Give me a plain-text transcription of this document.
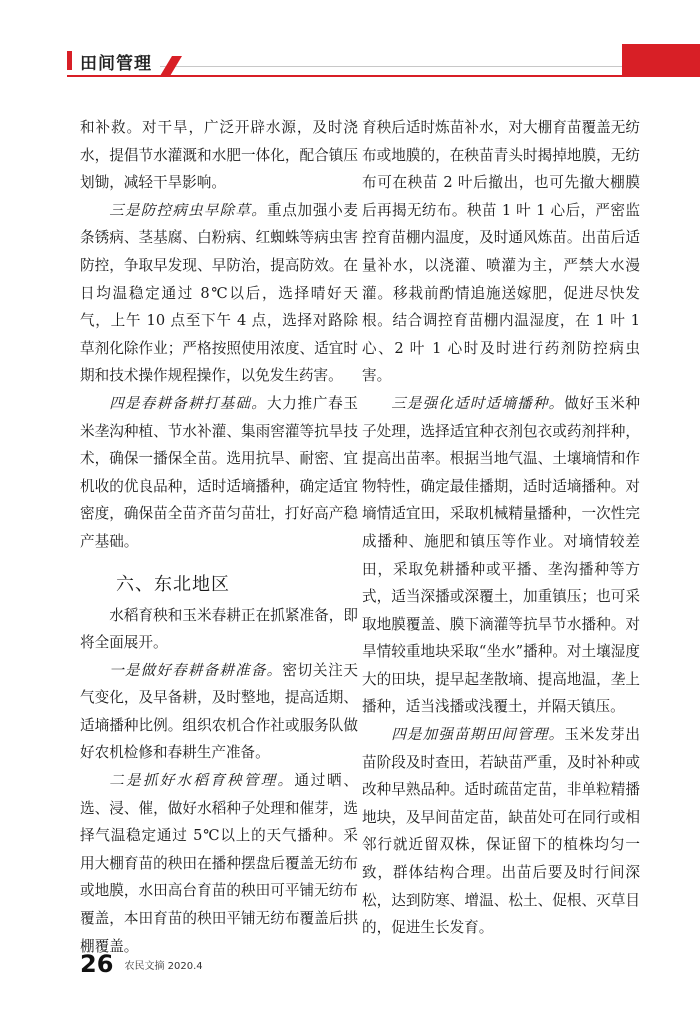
田间管理

和补救。对干旱，广泛开辟水源，及时浇水，提倡节水灌溉和水肥一体化，配合镇压划锄，减轻干旱影响。

三是防控病虫早除草。重点加强小麦条锈病、茎基腐、白粉病、红蜘蛛等病虫害防控，争取早发现、早防治，提高防效。在日均温稳定通过 8℃以后，选择晴好天气，上午 10 点至下午 4 点，选择对路除草剂化除作业；严格按照使用浓度、适宜时期和技术操作规程操作，以免发生药害。

四是春耕备耕打基础。大力推广春玉米垄沟种植、节水补灌、集雨窖灌等抗旱技术，确保一播保全苗。选用抗旱、耐密、宜机收的优良品种，适时适墒播种，确定适宜密度，确保苗全苗齐苗匀苗壮，打好高产稳产基础。

六、东北地区

水稻育秧和玉米春耕正在抓紧准备，即将全面展开。

一是做好春耕备耕准备。密切关注天气变化，及早备耕，及时整地，提高适期、适墒播种比例。组织农机合作社或服务队做好农机检修和春耕生产准备。

二是抓好水稻育秧管理。通过晒、选、浸、催，做好水稻种子处理和催芽，选择气温稳定通过 5℃以上的天气播种。采用大棚育苗的秧田在播种摆盘后覆盖无纺布或地膜，水田高台育苗的秧田可平铺无纺布覆盖，本田育苗的秧田平铺无纺布覆盖后拱棚覆盖。

育秧后适时炼苗补水，对大棚育苗覆盖无纺布或地膜的，在秧苗青头时揭掉地膜，无纺布可在秧苗 2 叶后撤出，也可先撤大棚膜后再揭无纺布。秧苗 1 叶 1 心后，严密监控育苗棚内温度，及时通风炼苗。出苗后适量补水，以浇灌、喷灌为主，严禁大水漫灌。移栽前酌情追施送嫁肥，促进尽快发根。结合调控育苗棚内温湿度，在 1 叶 1 心、2 叶 1 心时及时进行药剂防控病虫害。

三是强化适时适墒播种。做好玉米种子处理，选择适宜种衣剂包衣或药剂拌种，提高出苗率。根据当地气温、土壤墒情和作物特性，确定最佳播期，适时适墒播种。对墒情适宜田，采取机械精量播种，一次性完成播种、施肥和镇压等作业。对墒情较差田，采取免耕播种或平播、垄沟播种等方式，适当深播或深覆土，加重镇压；也可采取地膜覆盖、膜下滴灌等抗旱节水播种。对旱情较重地块采取“坐水”播种。对土壤湿度大的田块，提早起垄散墒、提高地温，垄上播种，适当浅播或浅覆土，并隔天镇压。

四是加强苗期田间管理。玉米发芽出苗阶段及时查田，若缺苗严重，及时补种或改种早熟品种。适时疏苗定苗，非单粒精播地块，及早间苗定苗，缺苗处可在同行或相邻行就近留双株，保证留下的植株均匀一致，群体结构合理。出苗后要及时行间深松，达到防寒、增温、松土、促根、灭草目的，促进生长发育。

26 农民文摘 2020.4
